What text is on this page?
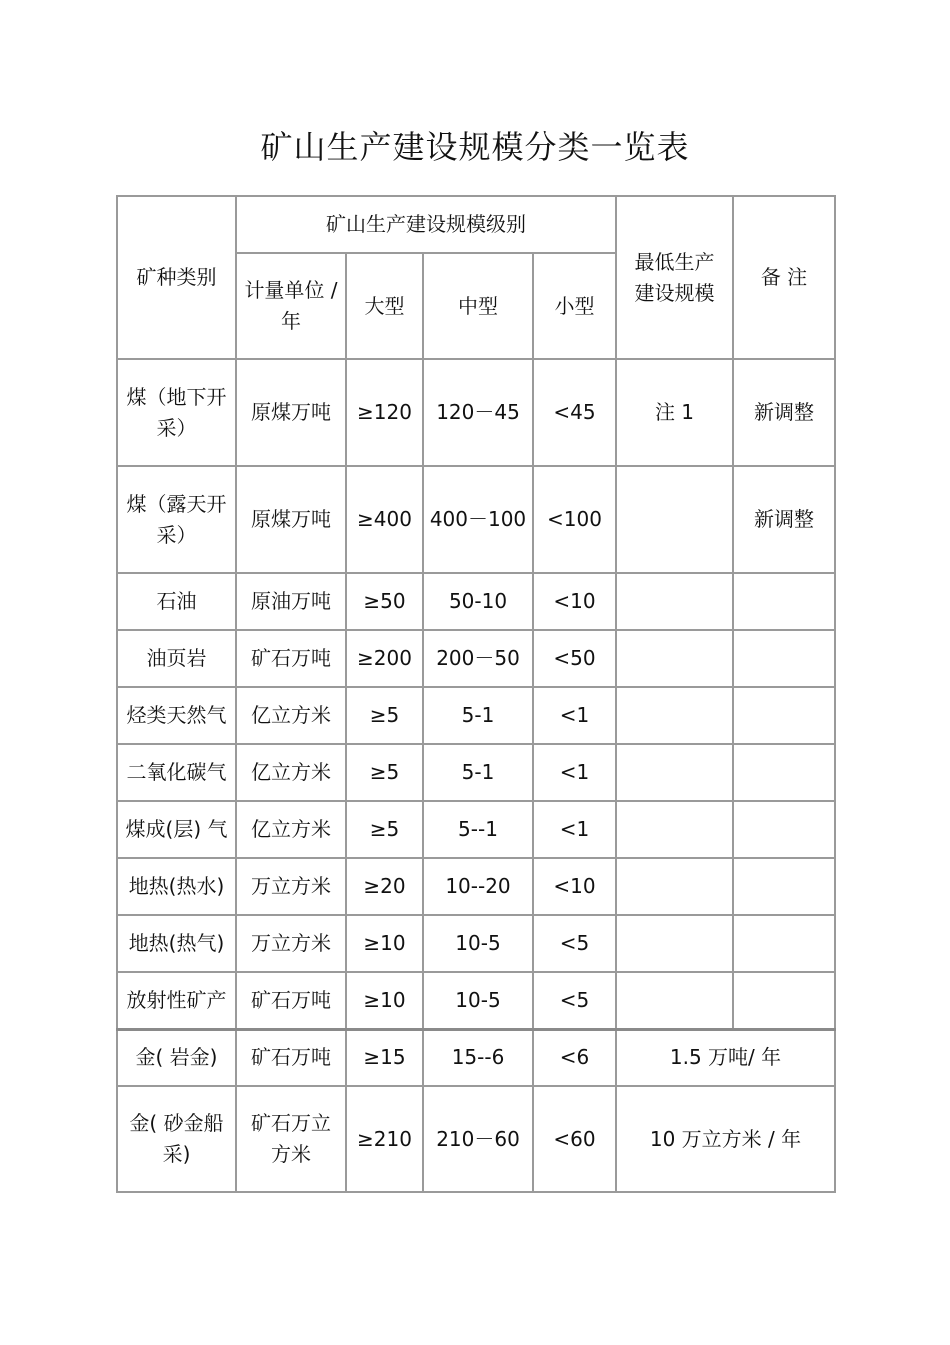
矿山生产建设规模分类一览表
矿种类别	矿山生产建设规模级别				最低生产建设规模	备 注
	计量单位 / 年	大型	中型	小型		
煤（地下开采）	原煤万吨	≥120	120－45	<45	注 1	新调整
煤（露天开采）	原煤万吨	≥400	400－100	<100		新调整
石油	原油万吨	≥50	50-10	<10		
油页岩	矿石万吨	≥200	200－50	<50		
烃类天然气	亿立方米	≥5	5-1	<1		
二氧化碳气	亿立方米	≥5	5-1	<1		
煤成(层) 气	亿立方米	≥5	5--1	<1		
地热(热水)	万立方米	≥20	10--20	<10		
地热(热气)	万立方米	≥10	10-5	<5		
放射性矿产	矿石万吨	≥10	10-5	<5		
金( 岩金)	矿石万吨	≥15	15--6	<6	1.5 万吨/ 年	
金( 砂金船采)	矿石万立方米	≥210	210－60	<60	10 万立方米 / 年	
